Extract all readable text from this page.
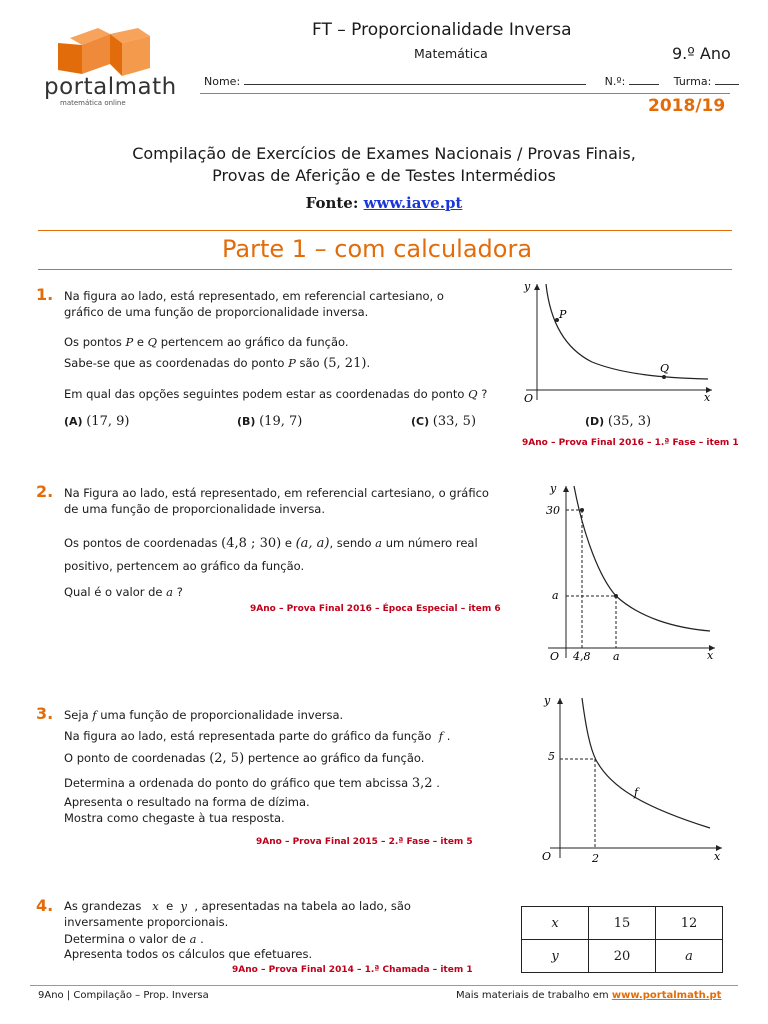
portalmath
matemática online
FT – Proporcionalidade Inversa
Matemática	9.º Ano
Nome:	N.º:	Turma:
2018/19
Compilação de Exercícios de Exames Nacionais / Provas Finais,
Provas de Aferição e de Testes Intermédios
Fonte: www.iave.pt
Parte 1 – com calculadora
1. Na figura ao lado, está representado, em referencial cartesiano, o gráfico de uma função de proporcionalidade inversa.
Os pontos P e Q pertencem ao gráfico da função.
Sabe-se que as coordenadas do ponto P são (5, 21).
Em qual das opções seguintes podem estar as coordenadas do ponto Q ?
(A) (17, 9)	(B) (19, 7)	(C) (33, 5)	(D) (35, 3)
9Ano – Prova Final 2016 – 1.ª Fase – item 1
y
x
O
P
Q
2. Na Figura ao lado, está representado, em referencial cartesiano, o gráfico de uma função de proporcionalidade inversa.
Os pontos de coordenadas (4,8 ; 30) e (a, a), sendo a um número real positivo, pertencem ao gráfico da função.
Qual é o valor de a ?
9Ano – Prova Final 2016 – Época Especial – item 6
y
x
O
30
a
4,8 a
3. Seja f uma função de proporcionalidade inversa.
Na figura ao lado, está representada parte do gráfico da função f .
O ponto de coordenadas (2, 5) pertence ao gráfico da função.
Determina a ordenada do ponto do gráfico que tem abcissa 3,2 .
Apresenta o resultado na forma de dízima.
Mostra como chegaste à tua resposta.
9Ano – Prova Final 2015 – 2.ª Fase – item 5
y
x
O
5
2
f
4. As grandezas x e y , apresentadas na tabela ao lado, são inversamente proporcionais.
Determina o valor de a .
Apresenta todos os cálculos que efetuares.
9Ano – Prova Final 2014 – 1.ª Chamada – item 1
x	15	12
y	20	a
9Ano | Compilação – Prop. Inversa	Mais materiais de trabalho em www.portalmath.pt
